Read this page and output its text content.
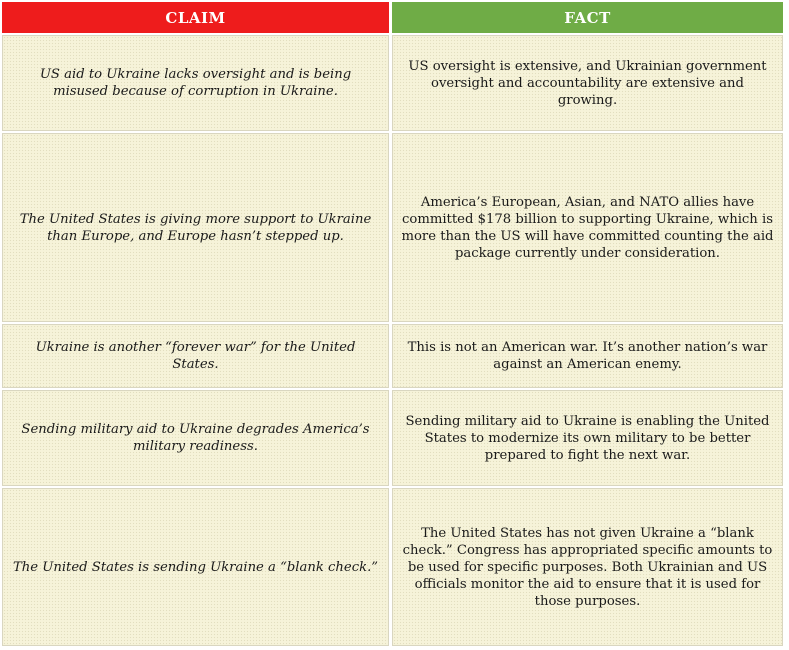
CLAIM	FACT
US aid to Ukraine lacks oversight and is being misused because of corruption in Ukraine.
US oversight is extensive, and Ukrainian government oversight and accountability are extensive and growing.
The United States is giving more support to Ukraine than Europe, and Europe hasn’t stepped up.
America’s European, Asian, and NATO allies have committed $178 billion to supporting Ukraine, which is more than the US will have committed counting the aid package currently under consideration.
Ukraine is another “forever war” for the United States.
This is not an American war. It’s another nation’s war against an American enemy.
Sending military aid to Ukraine degrades America’s military readiness.
Sending military aid to Ukraine is enabling the United States to modernize its own military to be better prepared to fight the next war.
The United States is sending Ukraine a “blank check.”
The United States has not given Ukraine a “blank check.” Congress has appropriated specific amounts to be used for specific purposes. Both Ukrainian and US officials monitor the aid to ensure that it is used for those purposes.
